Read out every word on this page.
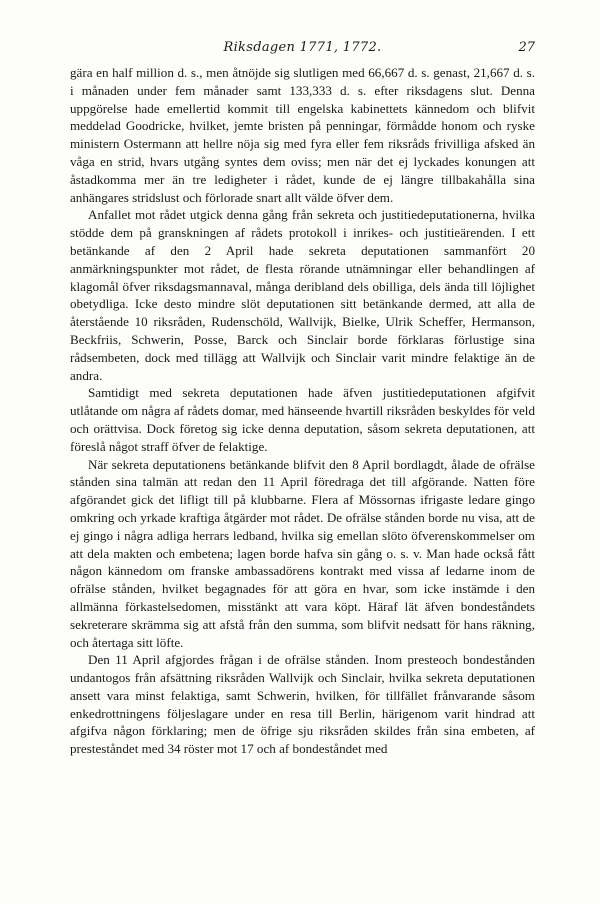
Riksdagen 1771, 1772.	27

gära en half million d. s., men åtnöjde sig slutligen med 66,667 d. s. genast, 21,667 d. s. i månaden under fem månader samt 133,333 d. s. efter riksdagens slut. Denna uppgörelse hade emellertid kommit till engelska kabinettets kännedom och blifvit meddelad Goodricke, hvilket, jemte bristen på penningar, förmådde honom och ryske ministern Ostermann att hellre nöja sig med fyra eller fem riksråds frivilliga afsked än våga en strid, hvars utgång syntes dem oviss; men när det ej lyckades konungen att åstadkomma mer än tre ledigheter i rådet, kunde de ej längre tillbakahålla sina anhängares stridslust och förlorade snart allt välde öfver dem.

Anfallet mot rådet utgick denna gång från sekreta och justitiedeputationerna, hvilka stödde dem på granskningen af rådets protokoll i inrikes- och justitieärenden. I ett betänkande af den 2 April hade sekreta deputationen sammanfört 20 anmärkningspunkter mot rådet, de flesta rörande utnämningar eller behandlingen af klagomål öfver riksdagsmannaval, många deribland dels obilliga, dels ända till löjlighet obetydliga. Icke desto mindre slöt deputationen sitt betänkande dermed, att alla de återstående 10 riksråden, Rudenschöld, Wallvijk, Bielke, Ulrik Scheffer, Hermanson, Beckfriis, Schwerin, Posse, Barck och Sinclair borde förklaras förlustige sina rådsembeten, dock med tillägg att Wallvijk och Sinclair varit mindre felaktige än de andra.

Samtidigt med sekreta deputationen hade äfven justitiedeputationen afgifvit utlåtande om några af rådets domar, med hänseende hvartill riksråden beskyldes för veld och orättvisa. Dock företog sig icke denna deputation, såsom sekreta deputationen, att föreslå något straff öfver de felaktige.

När sekreta deputationens betänkande blifvit den 8 April bordlagdt, ålade de ofrälse stånden sina talmän att redan den 11 April föredraga det till afgörande. Natten före afgörandet gick det lifligt till på klubbarne. Flera af Mössornas ifrigaste ledare gingo omkring och yrkade kraftiga åtgärder mot rådet. De ofrälse stånden borde nu visa, att de ej gingo i några adliga herrars ledband, hvilka sig emellan slöto öfverenskommelser om att dela makten och embetena; lagen borde hafva sin gång o. s. v. Man hade också fått någon kännedom om franske ambassadörens kontrakt med vissa af ledarne inom de ofrälse stånden, hvilket begagnades för att göra en hvar, som icke instämde i den allmänna förkastelsedomen, misstänkt att vara köpt. Häraf lät äfven bondeståndets sekreterare skrämma sig att afstå från den summa, som blifvit nedsatt för hans räkning, och återtaga sitt löfte.

Den 11 April afgjordes frågan i de ofrälse stånden. Inom presteoch bondestånden undantogos från afsättning riksråden Wallvijk och Sinclair, hvilka sekreta deputationen ansett vara minst felaktiga, samt Schwerin, hvilken, för tillfället frånvarande såsom enkedrottningens följeslagare under en resa till Berlin, härigenom varit hindrad att afgifva någon förklaring; men de öfrige sju riksråden skildes från sina embeten, af presteståndet med 34 röster mot 17 och af bondeståndet med
